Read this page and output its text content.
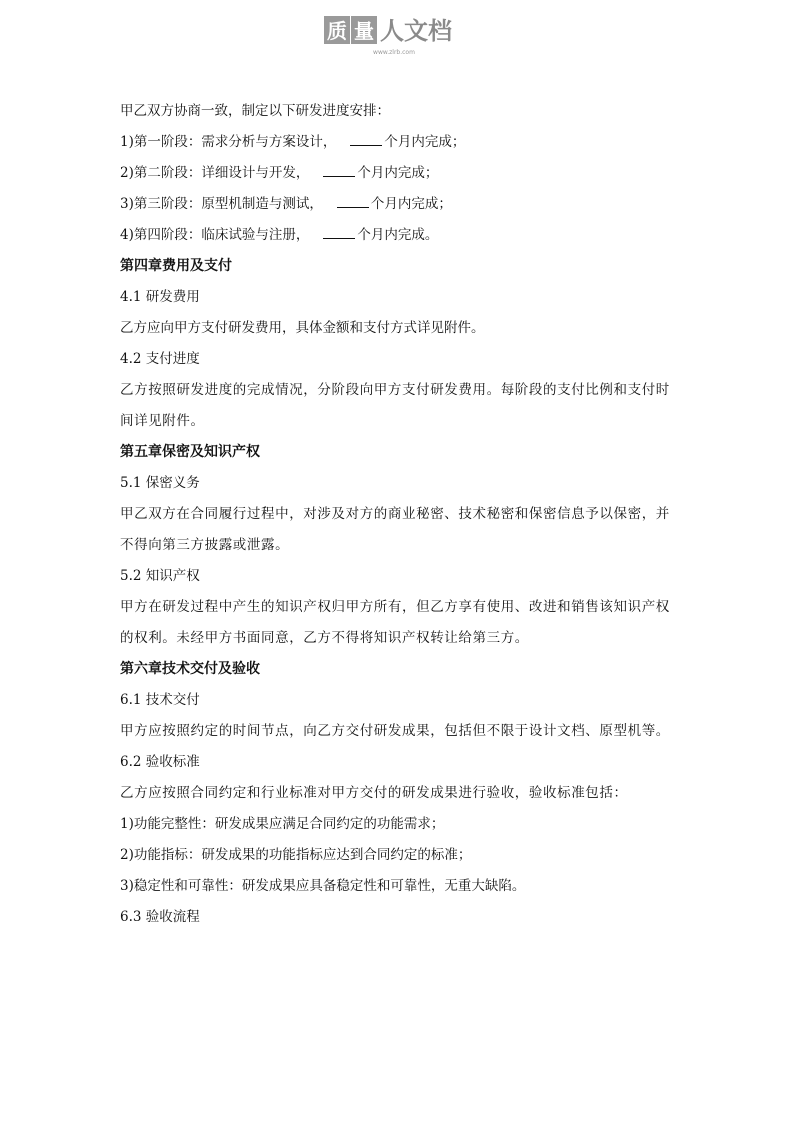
质 量 人文档
www.zlrb.com

甲乙双方协商一致，制定以下研发进度安排：

1)第一阶段：需求分析与方案设计，	个月内完成；

2)第二阶段：详细设计与开发，	个月内完成；

3)第三阶段：原型机制造与测试，	个月内完成；

4)第四阶段：临床试验与注册，	个月内完成。

第四章费用及支付

4.1 研发费用

乙方应向甲方支付研发费用，具体金额和支付方式详见附件。

4.2 支付进度

乙方按照研发进度的完成情况，分阶段向甲方支付研发费用。每阶段的支付比例和支付时间详见附件。

第五章保密及知识产权

5.1 保密义务

甲乙双方在合同履行过程中，对涉及对方的商业秘密、技术秘密和保密信息予以保密，并不得向第三方披露或泄露。

5.2 知识产权

甲方在研发过程中产生的知识产权归甲方所有，但乙方享有使用、改进和销售该知识产权的权利。未经甲方书面同意，乙方不得将知识产权转让给第三方。

第六章技术交付及验收

6.1 技术交付

甲方应按照约定的时间节点，向乙方交付研发成果，包括但不限于设计文档、原型机等。

6.2 验收标准

乙方应按照合同约定和行业标准对甲方交付的研发成果进行验收，验收标准包括：

1)功能完整性：研发成果应满足合同约定的功能需求；

2)功能指标：研发成果的功能指标应达到合同约定的标准；

3)稳定性和可靠性：研发成果应具备稳定性和可靠性，无重大缺陷。

6.3 验收流程
